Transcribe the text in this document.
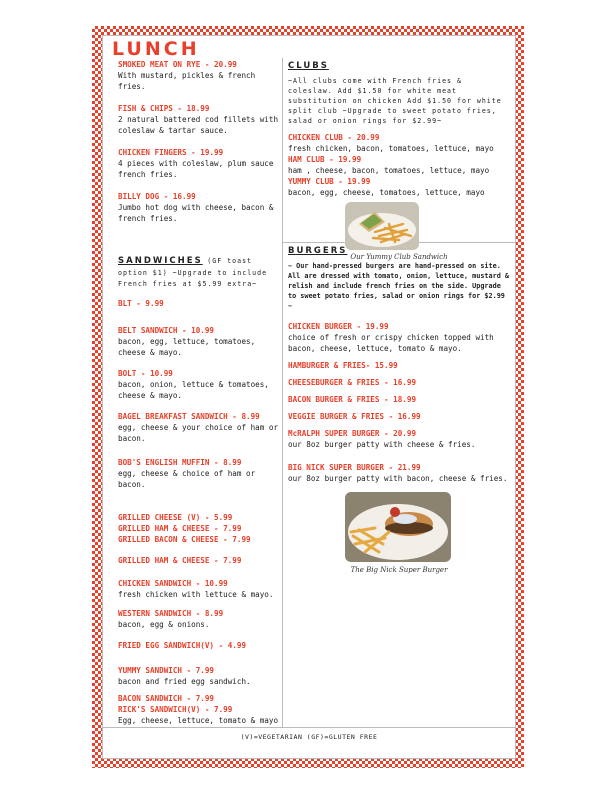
LUNCH
SMOKED MEAT ON RYE - 20.99
With mustard, pickles & french fries.
FISH & CHIPS - 18.99
2 natural battered cod fillets with coleslaw & tartar sauce.
CHICKEN FINGERS - 19.99
4 pieces with coleslaw, plum sauce french fries.
BILLY DOG - 16.99
Jumbo hot dog with cheese, bacon & french fries.
SANDWICHES (GF toast option $1) ~Upgrade to include French fries at $5.99 extra~
BLT - 9.99
BELT SANDWICH - 10.99
bacon, egg, lettuce, tomatoes, cheese & mayo.
BOLT - 10.99
bacon, onion, lettuce & tomatoes, cheese & mayo.
BAGEL BREAKFAST SANDWICH - 8.99
egg, cheese & your choice of ham or bacon.
BOB'S ENGLISH MUFFIN - 8.99
egg, cheese & choice of ham or bacon.
GRILLED CHEESE (V) - 5.99
GRILLED HAM & CHEESE - 7.99
GRILLED BACON & CHEESE - 7.99
GRILLED HAM & CHEESE - 7.99
CHICKEN SANDWICH - 10.99
fresh chicken with lettuce & mayo.
WESTERN SANDWICH - 8.99
bacon, egg & onions.
FRIED EGG SANDWICH(V) - 4.99
YUMMY SANDWICH - 7.99
bacon and fried egg sandwich.
BACON SANDWICH - 7.99
RICK'S SANDWICH(V) - 7.99
Egg, cheese, lettuce, tomato & mayo
CLUBS
~All clubs come with French fries & coleslaw. Add $1.50 for white meat substitution on chicken Add $1.50 for white split club ~Upgrade to sweet potato fries, salad or onion rings for $2.99~
CHICKEN CLUB - 20.99
fresh chicken, bacon, tomatoes, lettuce, mayo
HAM CLUB - 19.99
ham , cheese, bacon, tomatoes, lettuce, mayo
YUMMY CLUB - 19.99
bacon, egg, cheese, tomatoes, lettuce, mayo
Our Yummy Club Sandwich
BURGERS
~ Our hand-pressed burgers are hand-pressed on site. All are dressed with tomato, onion, lettuce, mustard & relish and include french fries on the side. Upgrade to sweet potato fries, salad or onion rings for $2.99 ~
CHICKEN BURGER - 19.99
choice of fresh or crispy chicken topped with bacon, cheese, lettuce, tomato & mayo.
HAMBURGER & FRIES- 15.99
CHEESEBURGER & FRIES - 16.99
BACON BURGER & FRIES - 18.99
VEGGIE BURGER & FRIES - 16.99
McRALPH SUPER BURGER - 20.99
our 8oz burger patty with cheese & fries.
BIG NICK SUPER BURGER - 21.99
our 8oz burger patty with bacon, cheese & fries.
The Big Nick Super Burger
(V)=VEGETARIAN (GF)=GLUTEN FREE
